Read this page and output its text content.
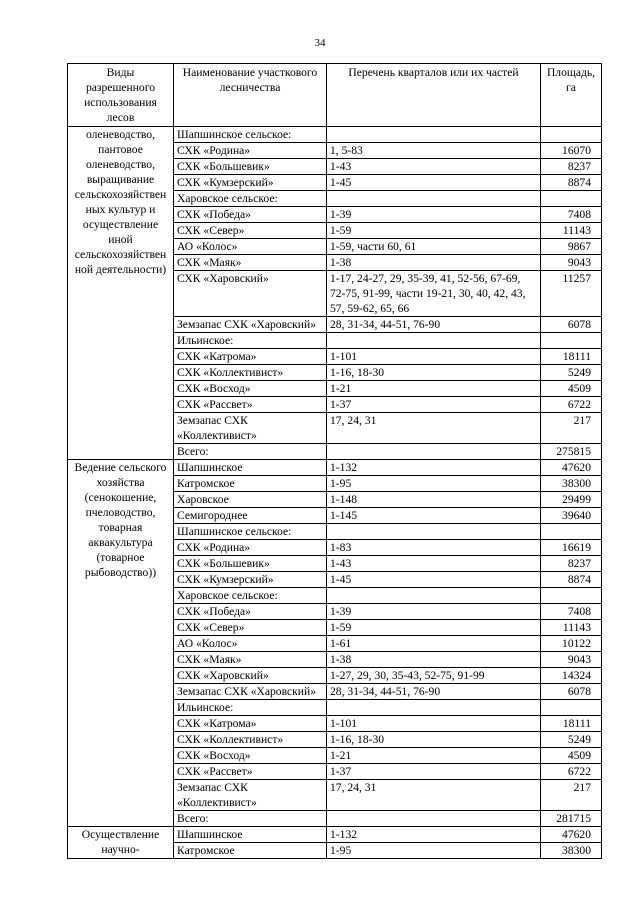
34
Виды разрешенного использования лесов	Наименование участкового лесничества	Перечень кварталов или их частей	Площадь, га
оленеводство, пантовое оленеводство, выращивание сельскохозяйствен ных культур и осуществление иной сельскохозяйствен ной деятельности)	Шапшинское сельское:		
	СХК «Родина»	1, 5-83	16070
	СХК «Большевик»	1-43	8237
	СХК «Кумзерский»	1-45	8874
	Харовское сельское:		
	СХК «Победа»	1-39	7408
	СХК «Север»	1-59	11143
	АО «Колос»	1-59, части 60, 61	9867
	СХК «Маяк»	1-38	9043
	СХК «Харовский»	1-17, 24-27, 29, 35-39, 41, 52-56, 67-69, 72-75, 91-99, части 19-21, 30, 40, 42, 43, 57, 59-62, 65, 66	11257
	Земзапас СХК «Харовский»	28, 31-34, 44-51, 76-90	6078
	Ильинское:		
	СХК «Катрома»	1-101	18111
	СХК «Коллективист»	1-16, 18-30	5249
	СХК «Восход»	1-21	4509
	СХК «Рассвет»	1-37	6722
	Земзапас СХК «Коллективист»	17, 24, 31	217
	Всего:		275815
Ведение сельского хозяйства (сенокошение, пчеловодство, товарная аквакультура (товарное рыбоводство))	Шапшинское	1-132	47620
	Катромское	1-95	38300
	Харовское	1-148	29499
	Семигороднее	1-145	39640
	Шапшинское сельское:		
	СХК «Родина»	1-83	16619
	СХК «Большевик»	1-43	8237
	СХК «Кумзерский»	1-45	8874
	Харовское сельское:		
	СХК «Победа»	1-39	7408
	СХК «Север»	1-59	11143
	АО «Колос»	1-61	10122
	СХК «Маяк»	1-38	9043
	СХК «Харовский»	1-27, 29, 30, 35-43, 52-75, 91-99	14324
	Земзапас СХК «Харовский»	28, 31-34, 44-51, 76-90	6078
	Ильинское:		
	СХК «Катрома»	1-101	18111
	СХК «Коллективист»	1-16, 18-30	5249
	СХК «Восход»	1-21	4509
	СХК «Рассвет»	1-37	6722
	Земзапас СХК «Коллективист»	17, 24, 31	217
	Всего:		281715
Осуществление научно-	Шапшинское	1-132	47620
	Катромское	1-95	38300
